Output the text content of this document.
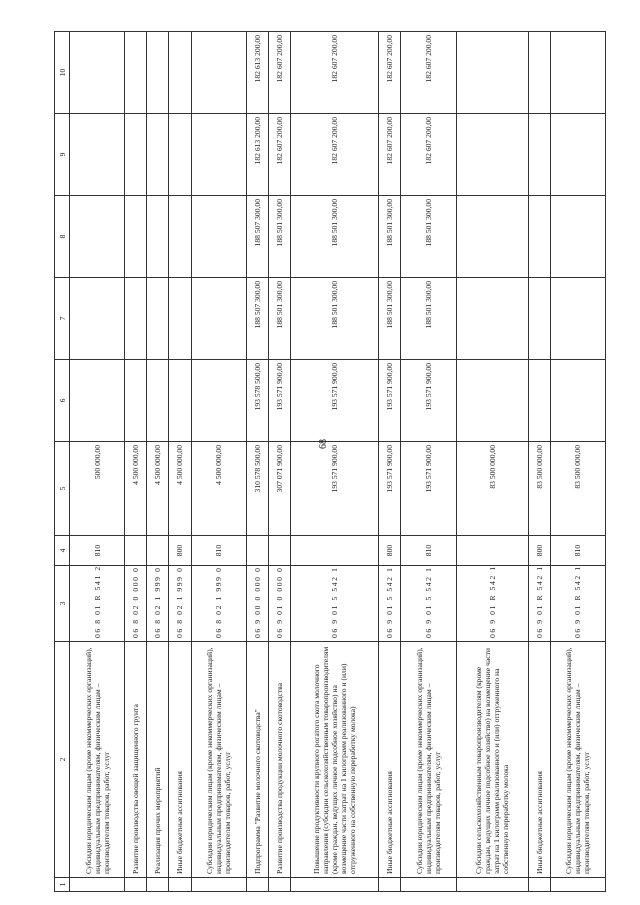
68
1	2	3	4	5	6	7	8	9	10
	Субсидии юридическим лицам (кроме некоммерческих организаций), индивидуальным предпринимателям, физическим лицам – производителям товаров, работ, услуг	06 8 01 R 541 2	810	500 000,00					
	Развитие производства овощей защищенного грунта	06 8 02 0 000 0		4 500 000,00					
	Реализация прочих мероприятий	06 8 02 1 999 0		4 500 000,00					
	Иные бюджетные ассигнования	06 8 02 1 999 0	800	4 500 000,00					
	Субсидии юридическим лицам (кроме некоммерческих организаций), индивидуальным предпринимателям, физическим лицам – производителям товаров, работ, услуг	06 8 02 1 999 0	810	4 500 000,00					
	Подпрограмма "Развитие молочного скотоводства"	06 9 00 0 000 0		310 578 500,00	193 578 500,00	188 507 300,00	188 507 300,00	182 613 200,00	182 613 200,00
	Развитие производства продукции молочного скотоводства	06 9 01 0 000 0		307 071 900,00	193 571 900,00	188 501 300,00	188 501 300,00	182 607 200,00	182 607 200,00
	Повышение продуктивности крупного рогатого скота молочного направления (субсидии сельскохозяйственным товаропроизводителям (кроме граждан, ведущих личное подсобное хозяйство) на возмещение части затрат на 1 килограмм реализованного и (или) отгруженного на собственную переработку молока)	06 9 01 5 542 1		193 571 900,00	193 571 900,00	188 501 300,00	188 501 300,00	182 607 200,00	182 607 200,00
	Иные бюджетные ассигнования	06 9 01 5 542 1	800	193 571 900,00	193 571 900,00	188 501 300,00	188 501 300,00	182 607 200,00	182 607 200,00
	Субсидии юридическим лицам (кроме некоммерческих организаций), индивидуальным предпринимателям, физическим лицам – производителям товаров, работ, услуг	06 9 01 5 542 1	810	193 571 900,00	193 571 900,00	188 501 300,00	188 501 300,00	182 607 200,00	182 607 200,00
	Субсидии сельскохозяйственным товаропроизводителям (кроме граждан, ведущих личное подсобное хозяйство) на возмещение части затрат на 1 килограмм реализованного и (или) отгруженного на собственную переработку молока	06 9 01 R 542 1		83 500 000,00					
	Иные бюджетные ассигнования	06 9 01 R 542 1	800	83 500 000,00					
	Субсидии юридическим лицам (кроме некоммерческих организаций), индивидуальным предпринимателям, физическим лицам – производителям товаров, работ, услуг	06 9 01 R 542 1	810	83 500 000,00					
